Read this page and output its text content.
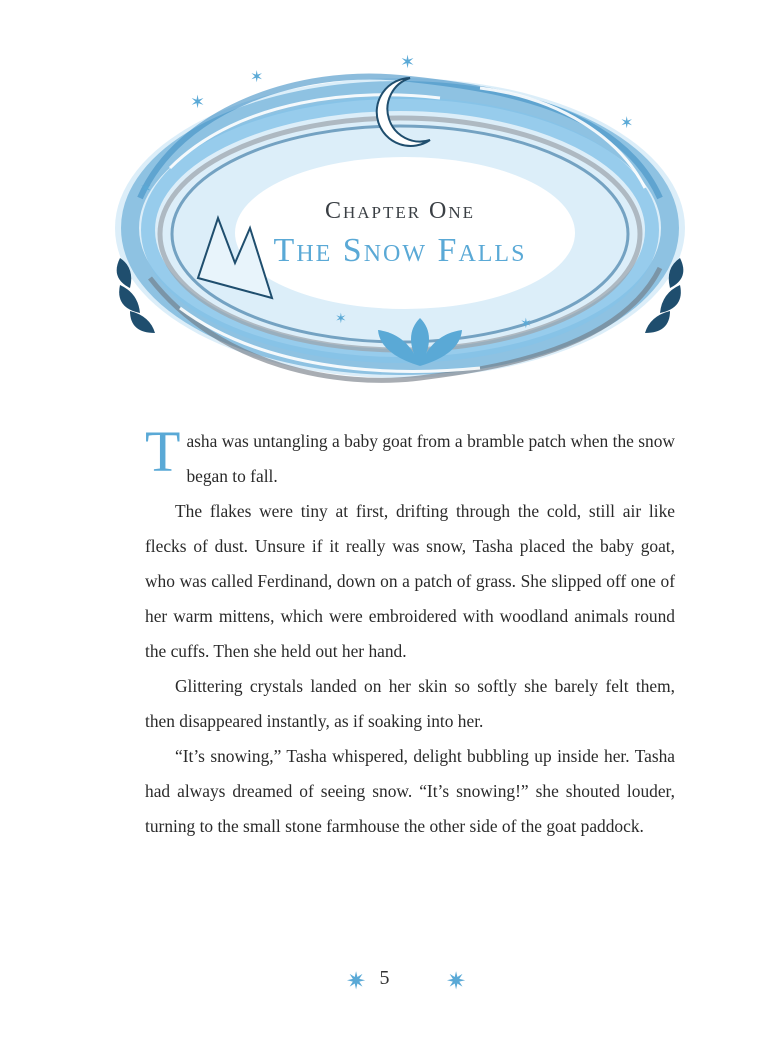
✶
✶
✶
✶
✶
✶	✶
Chapter One
The Snow Falls

Tasha was untangling a baby goat from a bramble patch when the snow began to fall.

The flakes were tiny at first, drifting through the cold, still air like flecks of dust. Unsure if it really was snow, Tasha placed the baby goat, who was called Ferdinand, down on a patch of grass. She slipped off one of her warm mittens, which were embroidered with woodland animals round the cuffs. Then she held out her hand.

Glittering crystals landed on her skin so softly she barely felt them, then disappeared instantly, as if soaking into her.

“It’s snowing,” Tasha whispered, delight bubbling up inside her. Tasha had always dreamed of seeing snow. “It’s snowing!” she shouted louder, turning to the small stone farmhouse the other side of the goat paddock.

✷ 5	✷
